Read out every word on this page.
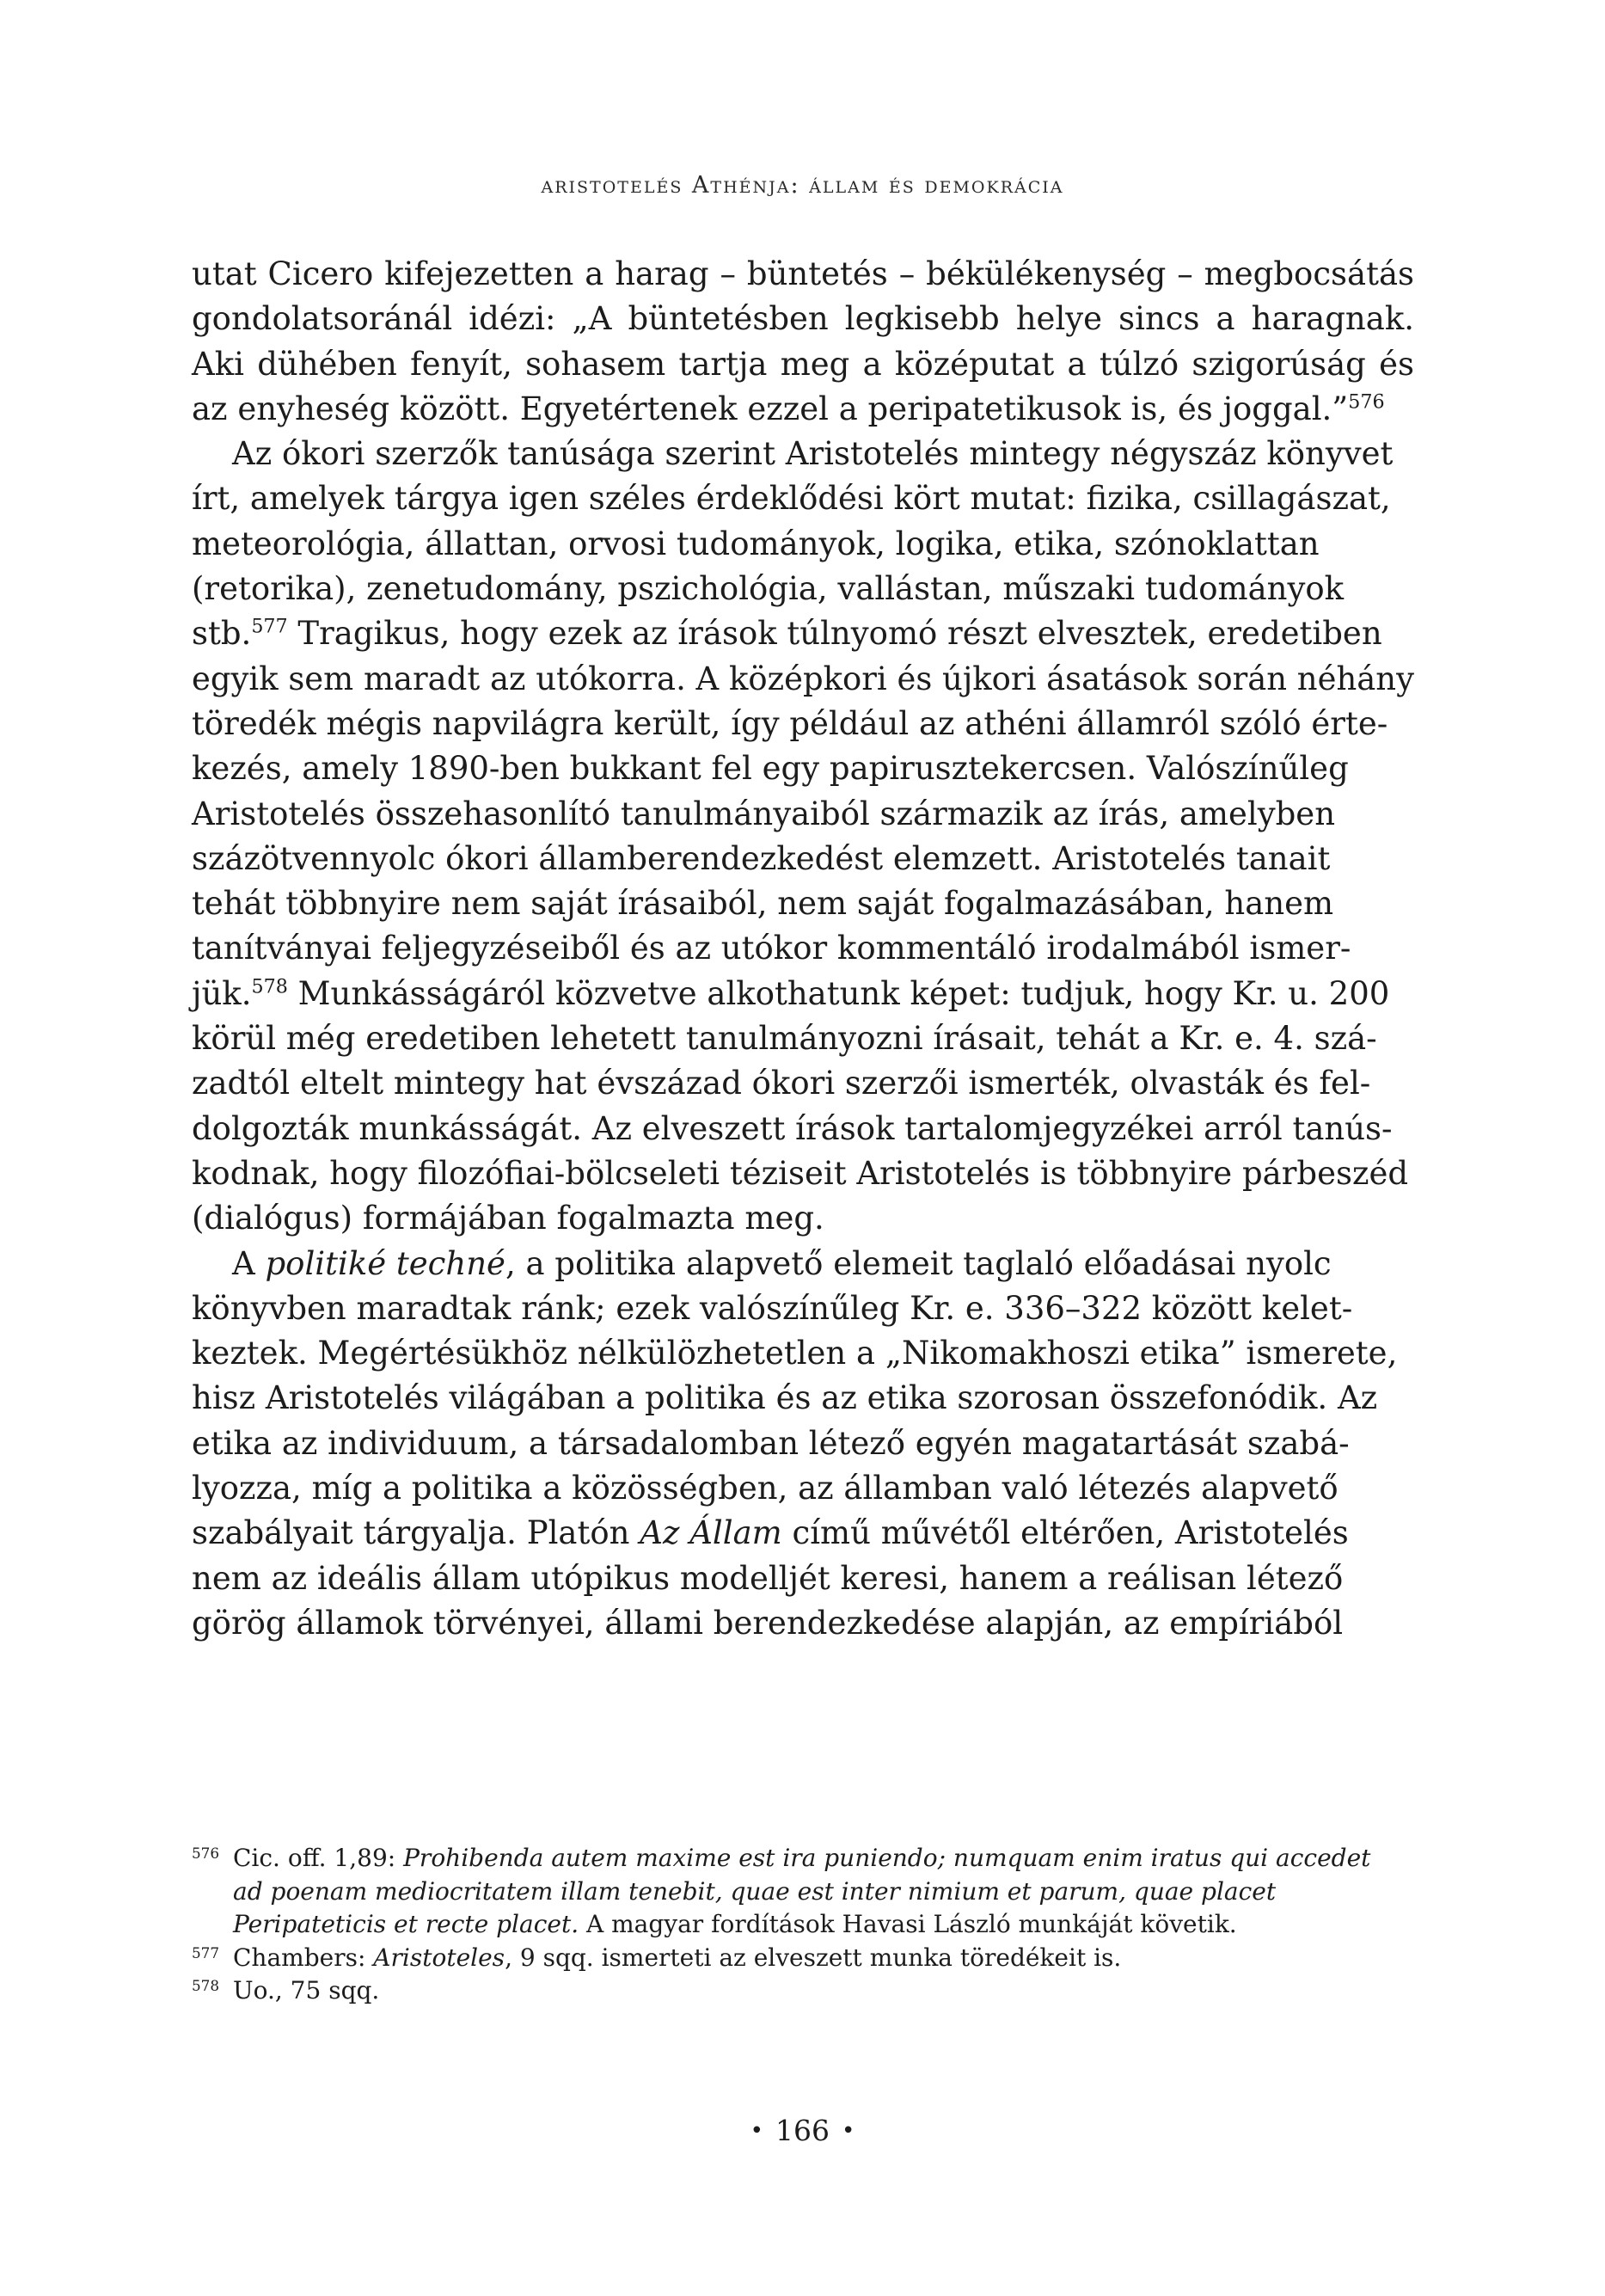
aristotelés Athénja: állam és demokrácia
utat Cicero kifejezetten a harag – büntetés – békülékenység – megbocsátás
gondolatsoránál idézi: „A büntetésben legkisebb helye sincs a haragnak.
Aki dühében fenyít, sohasem tartja meg a középutat a túlzó szigorúság és
az enyheség között. Egyetértenek ezzel a peripatetikusok is, és joggal.”$^{576}$
Az ókori szerzők tanúsága szerint Aristotelés mintegy négyszáz könyvet
írt, amelyek tárgya igen széles érdeklődési kört mutat: fizika, csillagászat,
meteorológia, állattan, orvosi tudományok, logika, etika, szónoklattan
(retorika), zenetudomány, pszichológia, vallástan, műszaki tudományok
stb.$^{577}$ Tragikus, hogy ezek az írások túlnyomó részt elvesztek, eredetiben
egyik sem maradt az utókorra. A középkori és újkori ásatások során néhány
töredék mégis napvilágra került, így például az athéni államról szóló érte-
kezés, amely 1890-ben bukkant fel egy papirusztekercsen. Valószínűleg
Aristotelés összehasonlító tanulmányaiból származik az írás, amelyben
százötvennyolc ókori államberendezkedést elemzett. Aristotelés tanait
tehát többnyire nem saját írásaiból, nem saját fogalmazásában, hanem
tanítványai feljegyzéseiből és az utókor kommentáló irodalmából ismer-
jük.$^{578}$ Munkásságáról közvetve alkothatunk képet: tudjuk, hogy Kr. u. 200
körül még eredetiben lehetett tanulmányozni írásait, tehát a Kr. e. 4. szá-
zadtól eltelt mintegy hat évszázad ókori szerzői ismerték, olvasták és fel-
dolgozták munkásságát. Az elveszett írások tartalomjegyzékei arról tanús-
kodnak, hogy filozófiai-bölcseleti téziseit Aristotelés is többnyire párbeszéd
(dialógus) formájában fogalmazta meg.
A politiké techné, a politika alapvető elemeit taglaló előadásai nyolc
könyvben maradtak ránk; ezek valószínűleg Kr. e. 336–322 között kelet-
keztek. Megértésükhöz nélkülözhetetlen a „Nikomakhoszi etika” ismerete,
hisz Aristotelés világában a politika és az etika szorosan összefonódik. Az
etika az individuum, a társadalomban létező egyén magatartását szabá-
lyozza, míg a politika a közösségben, az államban való létezés alapvető
szabályait tárgyalja. Platón Az Állam című művétől eltérően, Aristotelés
nem az ideális állam utópikus modelljét keresi, hanem a reálisan létező
görög államok törvényei, állami berendezkedése alapján, az empíriából
576 Cic. off. 1,89: Prohibenda autem maxime est ira puniendo; numquam enim iratus qui accedet
ad poenam mediocritatem illam tenebit, quae est inter nimium et parum, quae placet
Peripateticis et recte placet. A magyar fordítások Havasi László munkáját követik.
577 Chambers: Aristoteles, 9 sqq. ismerteti az elveszett munka töredékeit is.
578 Uo., 75 sqq.
• 166 •
